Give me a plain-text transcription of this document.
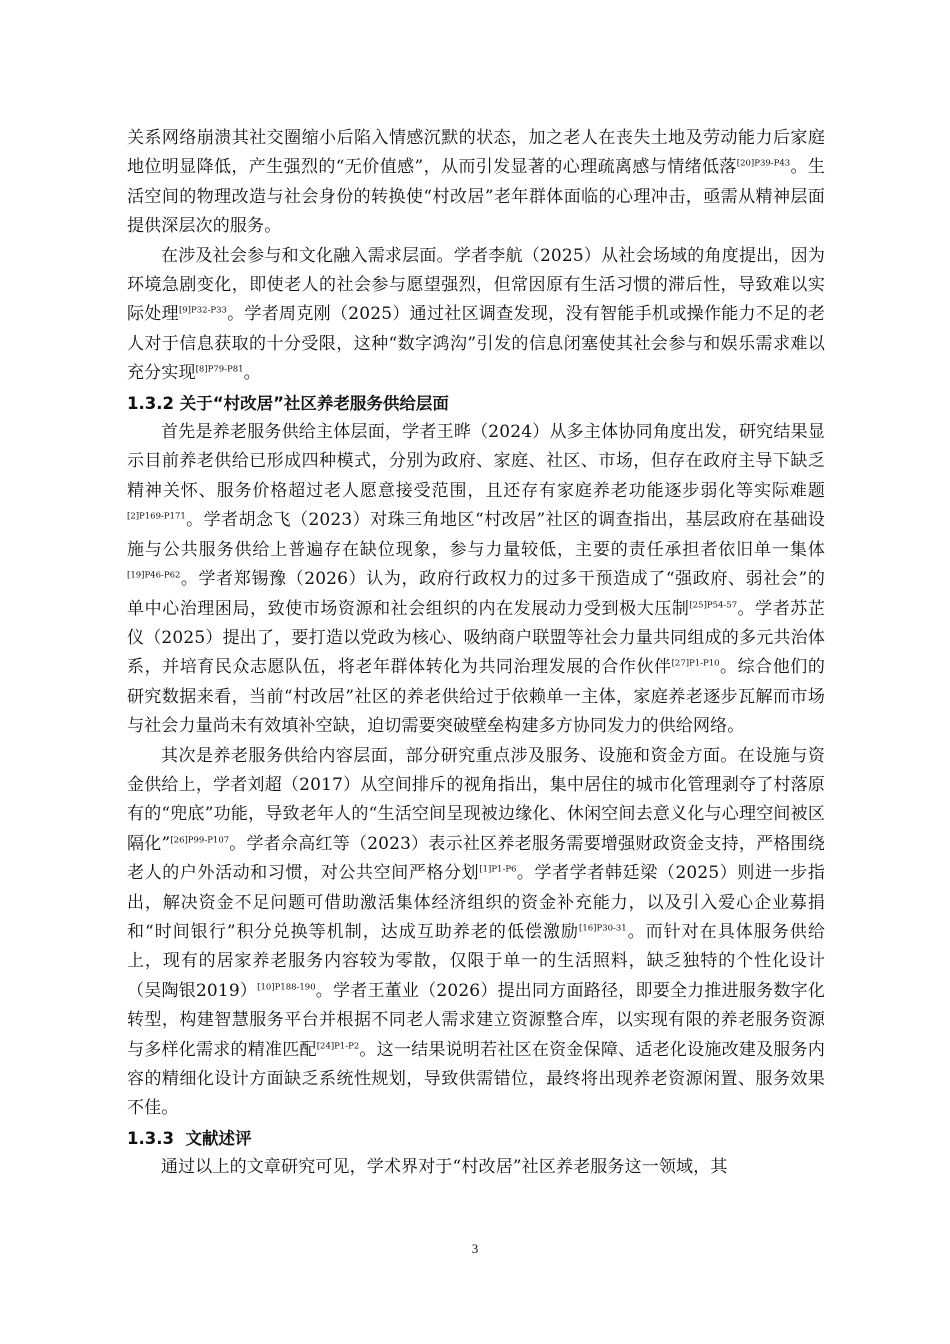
关系网络崩溃其社交圈缩小后陷入情感沉默的状态，加之老人在丧失土地及劳动能力后家庭地位明显降低，产生强烈的“无价值感”，从而引发显著的心理疏离感与情绪低落$^{[20]P39-P43}$。生活空间的物理改造与社会身份的转换使“村改居”老年群体面临的心理冲击，亟需从精神层面提供深层次的服务。

在涉及社会参与和文化融入需求层面。学者李航（2025）从社会场域的角度提出，因为环境急剧变化，即使老人的社会参与愿望强烈，但常因原有生活习惯的滞后性，导致难以实际处理$^{[9]P32-P33}$。学者周克刚（2025）通过社区调查发现，没有智能手机或操作能力不足的老人对于信息获取的十分受限，这种“数字鸿沟”引发的信息闭塞使其社会参与和娱乐需求难以充分实现$^{[8]P79-P81}$。

1.3.2 关于“村改居”社区养老服务供给层面

首先是养老服务供给主体层面，学者王晔（2024）从多主体协同角度出发，研究结果显示目前养老供给已形成四种模式，分别为政府、家庭、社区、市场，但存在政府主导下缺乏精神关怀、服务价格超过老人愿意接受范围，且还存有家庭养老功能逐步弱化等实际难题$^{[2]P169-P171}$。学者胡念飞（2023）对珠三角地区“村改居”社区的调查指出，基层政府在基础设施与公共服务供给上普遍存在缺位现象，参与力量较低，主要的责任承担者依旧单一集体$^{[19]P46-P62}$。学者郑锡豫（2026）认为，政府行政权力的过多干预造成了“强政府、弱社会”的单中心治理困局，致使市场资源和社会组织的内在发展动力受到极大压制$^{[25]P54-57}$。学者苏芷仪（2025）提出了，要打造以党政为核心、吸纳商户联盟等社会力量共同组成的多元共治体系，并培育民众志愿队伍，将老年群体转化为共同治理发展的合作伙伴$^{[27]P1-P10}$。综合他们的研究数据来看，当前“村改居”社区的养老供给过于依赖单一主体，家庭养老逐步瓦解而市场与社会力量尚未有效填补空缺，迫切需要突破壁垒构建多方协同发力的供给网络。

其次是养老服务供给内容层面，部分研究重点涉及服务、设施和资金方面。在设施与资金供给上，学者刘超（2017）从空间排斥的视角指出，集中居住的城市化管理剥夺了村落原有的“兜底”功能，导致老年人的“生活空间呈现被边缘化、休闲空间去意义化与心理空间被区隔化”$^{[26]P99-P107}$。学者佘高红等（2023）表示社区养老服务需要增强财政资金支持，严格围绕老人的户外活动和习惯，对公共空间严格分划$^{[1]P1-P6}$。学者学者韩廷梁（2025）则进一步指出，解决资金不足问题可借助激活集体经济组织的资金补充能力，以及引入爱心企业募捐和“时间银行”积分兑换等机制，达成互助养老的低偿激励$^{[16]P30-31}$。而针对在具体服务供给上，现有的居家养老服务内容较为零散，仅限于单一的生活照料，缺乏独特的个性化设计（吴陶银2019）$^{[10]P188-190}$。学者王董业（2026）提出同方面路径，即要全力推进服务数字化转型，构建智慧服务平台并根据不同老人需求建立资源整合库，以实现有限的养老服务资源与多样化需求的精准匹配$^{[24]P1-P2}$。这一结果说明若社区在资金保障、适老化设施改建及服务内容的精细化设计方面缺乏系统性规划，导致供需错位，最终将出现养老资源闲置、服务效果不佳。

1.3.3  文献述评

通过以上的文章研究可见，学术界对于“村改居”社区养老服务这一领域，其

3
